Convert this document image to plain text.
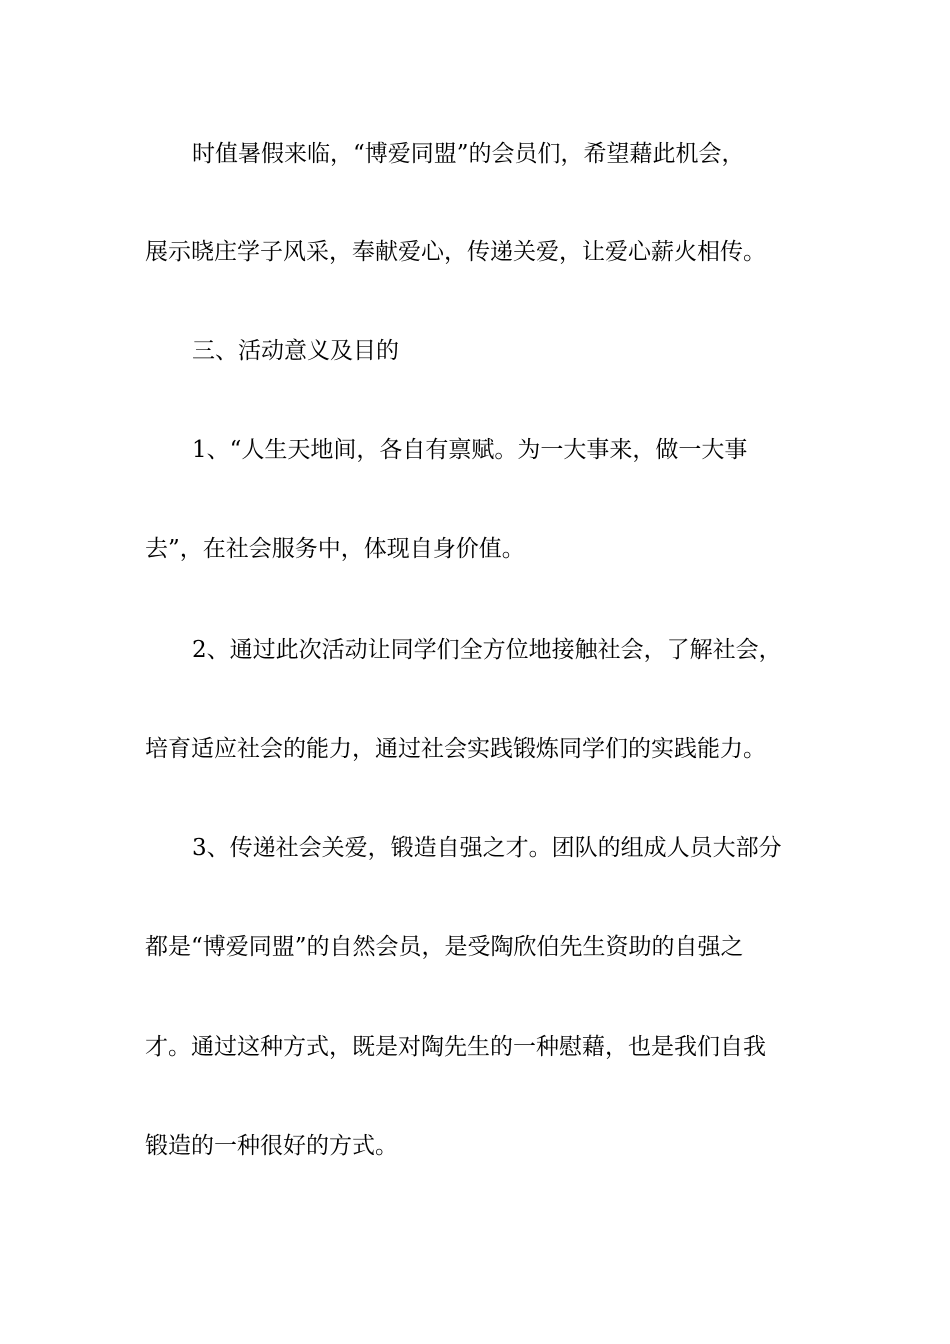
时值暑假来临，“博爱同盟”的会员们，希望藉此机会，
展示晓庄学子风采，奉献爱心，传递关爱，让爱心薪火相传。
三、活动意义及目的
1、“人生天地间，各自有禀赋。为一大事来，做一大事
去”，在社会服务中，体现自身价值。
2、通过此次活动让同学们全方位地接触社会，了解社会，
培育适应社会的能力，通过社会实践锻炼同学们的实践能力。
3、传递社会关爱，锻造自强之才。团队的组成人员大部分
都是“博爱同盟”的自然会员，是受陶欣伯先生资助的自强之
才。通过这种方式，既是对陶先生的一种慰藉，也是我们自我
锻造的一种很好的方式。
